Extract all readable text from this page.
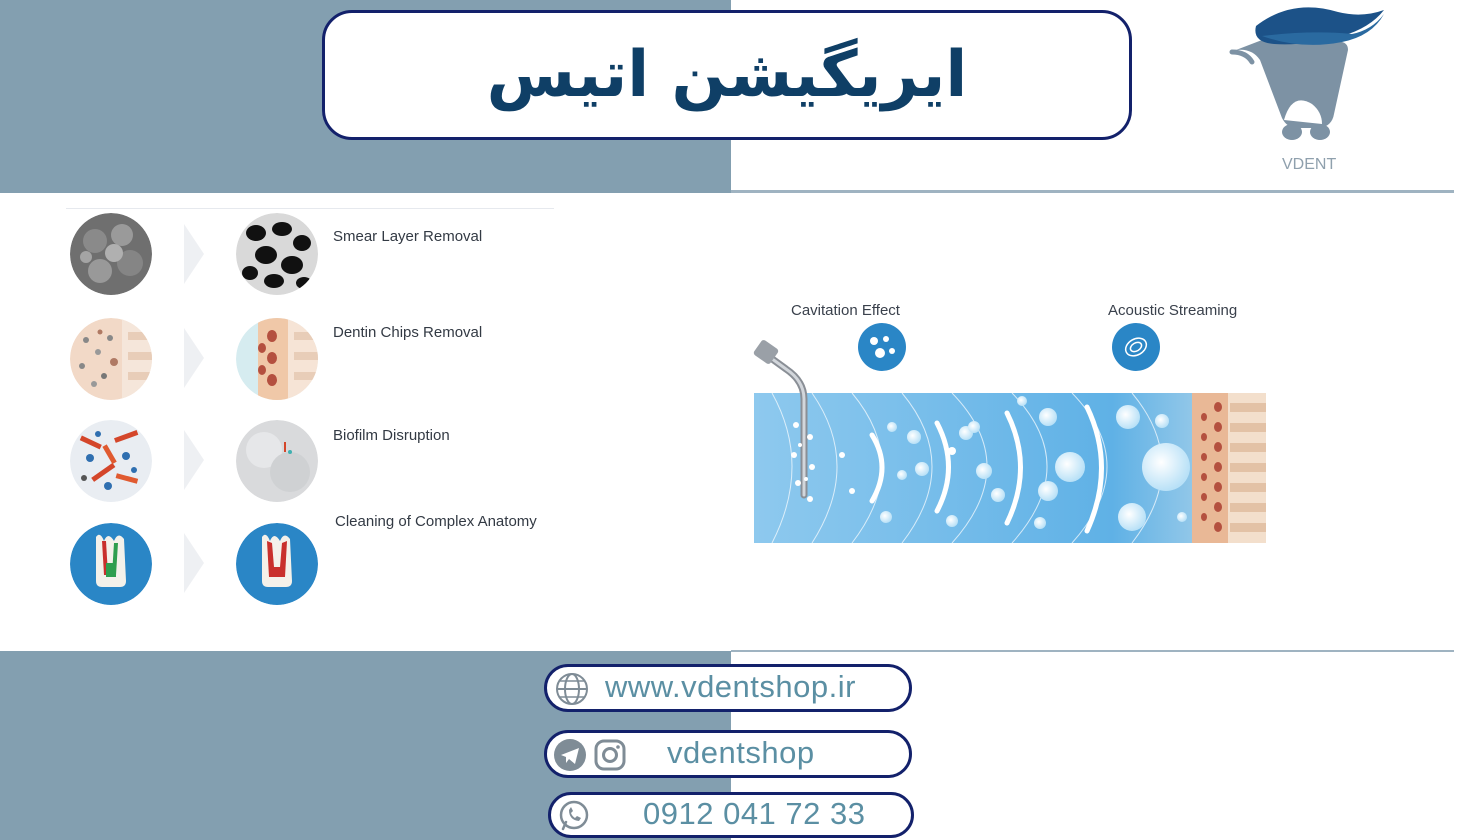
ایریگیشن اتیس
VDENT
Smear Layer Removal
Dentin Chips Removal
Biofilm Disruption
Cleaning of Complex Anatomy
Cavitation Effect	Acoustic Streaming
www.vdentshop.ir
vdentshop
0912 041 72 33
